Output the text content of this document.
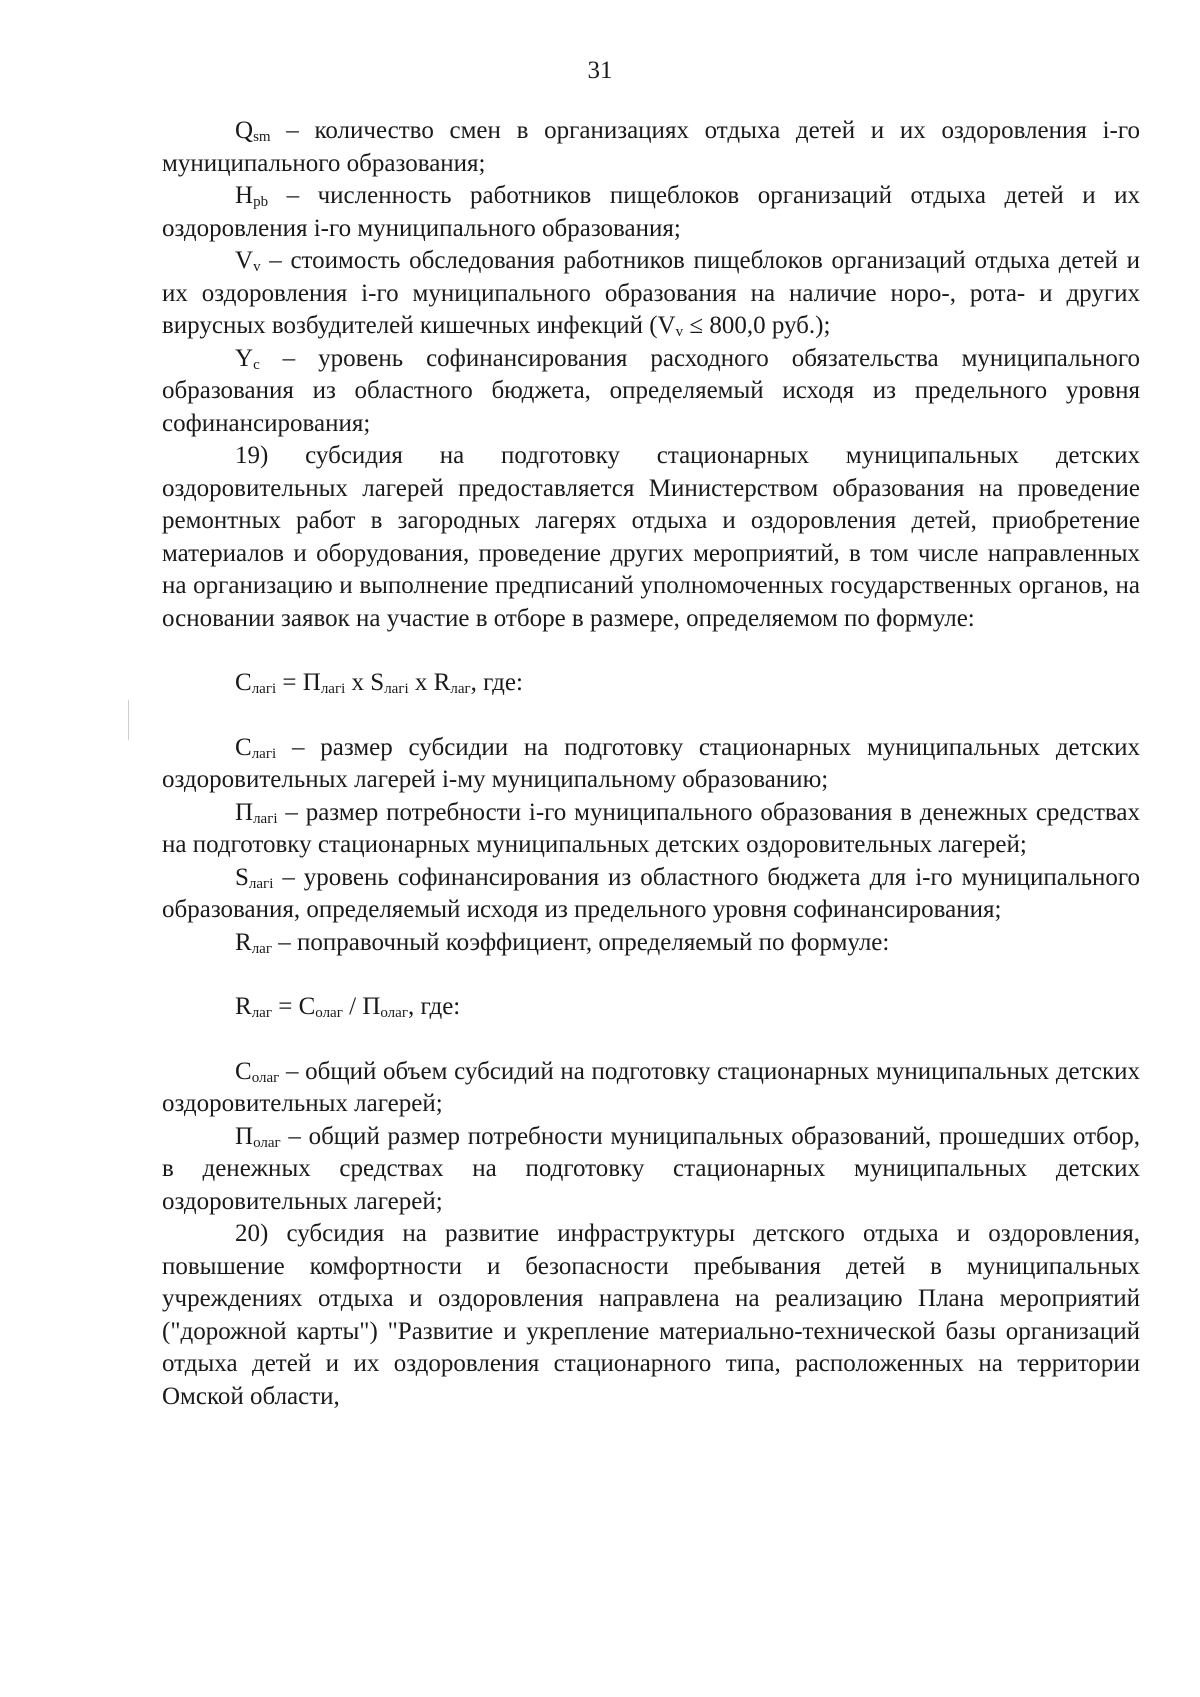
31

$Q_{sm}$ – количество смен в организациях отдыха детей и их оздоровления i-го муниципального образования;

$H_{pb}$ – численность работников пищеблоков организаций отдыха детей и их оздоровления i-го муниципального образования;

$V_v$ – стоимость обследования работников пищеблоков организаций отдыха детей и их оздоровления i-го муниципального образования на наличие норо-, рота- и других вирусных возбудителей кишечных инфекций ($V_v \le 800,0$ руб.);

$Y_c$ – уровень софинансирования расходного обязательства муниципального образования из областного бюджета, определяемый исходя из предельного уровня софинансирования;

19) субсидия на подготовку стационарных муниципальных детских оздоровительных лагерей предоставляется Министерством образования на проведение ремонтных работ в загородных лагерях отдыха и оздоровления детей, приобретение материалов и оборудования, проведение других мероприятий, в том числе направленных на организацию и выполнение предписаний уполномоченных государственных органов, на основании заявок на участие в отборе в размере, определяемом по формуле:

$С_{лагi} = П_{лагi}$ x $S_{лагi}$ x $R_{лаг}$, где:

$С_{лагi}$ – размер субсидии на подготовку стационарных муниципальных детских оздоровительных лагерей i-му муниципальному образованию;

$П_{лагi}$ – размер потребности i-го муниципального образования в денежных средствах на подготовку стационарных муниципальных детских оздоровительных лагерей;

$S_{лагi}$ – уровень софинансирования из областного бюджета для i-го муниципального образования, определяемый исходя из предельного уровня софинансирования;

$R_{лаг}$ – поправочный коэффициент, определяемый по формуле:

$R_{лаг} = С_{олаг} / П_{олаг}$, где:

$С_{олаг}$ – общий объем субсидий на подготовку стационарных муниципальных детских оздоровительных лагерей;

$П_{олаг}$ – общий размер потребности муниципальных образований, прошедших отбор, в денежных средствах на подготовку стационарных муниципальных детских оздоровительных лагерей;

20) субсидия на развитие инфраструктуры детского отдыха и оздоровления, повышение комфортности и безопасности пребывания детей в муниципальных учреждениях отдыха и оздоровления направлена на реализацию Плана мероприятий ("дорожной карты") "Развитие и укрепление материально-технической базы организаций отдыха детей и их оздоровления стационарного типа, расположенных на территории Омской области,
